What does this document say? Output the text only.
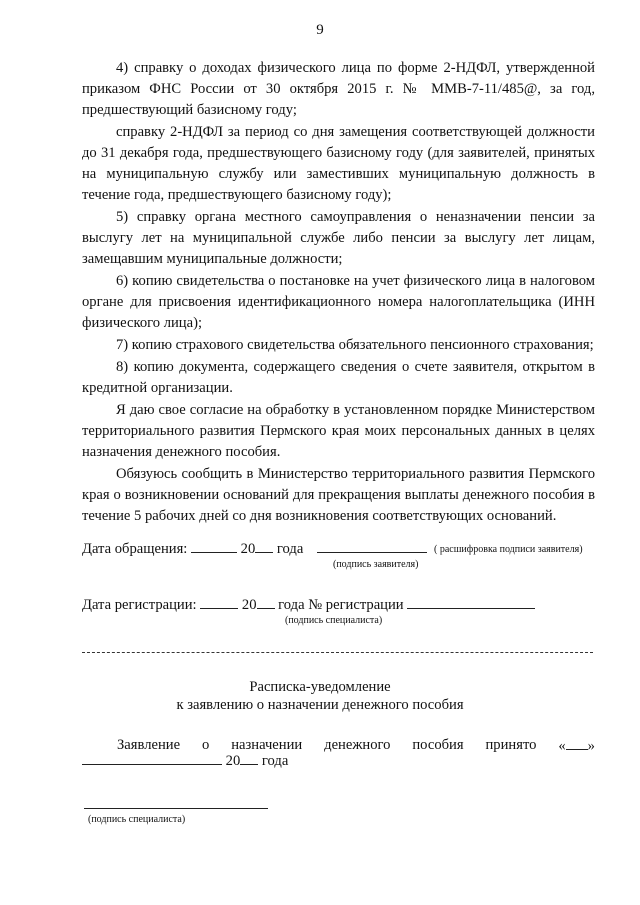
9

4) справку о доходах физического лица по форме 2-НДФЛ, утвержденной приказом ФНС России от 30 октября 2015 г. № ММВ-7-11/485@, за год, предшествующий базисному году;

справку 2-НДФЛ за период со дня замещения соответствующей должности до 31 декабря года, предшествующего базисному году (для заявителей, принятых на муниципальную службу или заместивших муниципальную должность в течение года, предшествующего базисному году);

5) справку органа местного самоуправления о неназначении пенсии за выслугу лет на муниципальной службе либо пенсии за выслугу лет лицам, замещавшим муниципальные должности;

6) копию свидетельства о постановке на учет физического лица в налоговом органе для присвоения идентификационного номера налогоплательщика (ИНН физического лица);

7) копию страхового свидетельства обязательного пенсионного страхования;

8) копию документа, содержащего сведения о счете заявителя, открытом в кредитной организации.

Я даю свое согласие на обработку в установленном порядке Министерством территориального развития Пермского края моих персональных данных в целях назначения денежного пособия.

Обязуюсь сообщить в Министерство территориального развития Пермского края о возникновении оснований для прекращения выплаты денежного пособия в течение 5 рабочих дней со дня возникновения соответствующих оснований.

Дата обращения:	20 года	( расшифровка подписи заявителя)
(подпись заявителя)
Дата регистрации:	20 года № регистрации
(подпись специалиста)
Расписка-уведомление
к заявлению о назначении денежного пособия
Заявление о назначении денежного пособия принято « »
20 года
(подпись специалиста)
